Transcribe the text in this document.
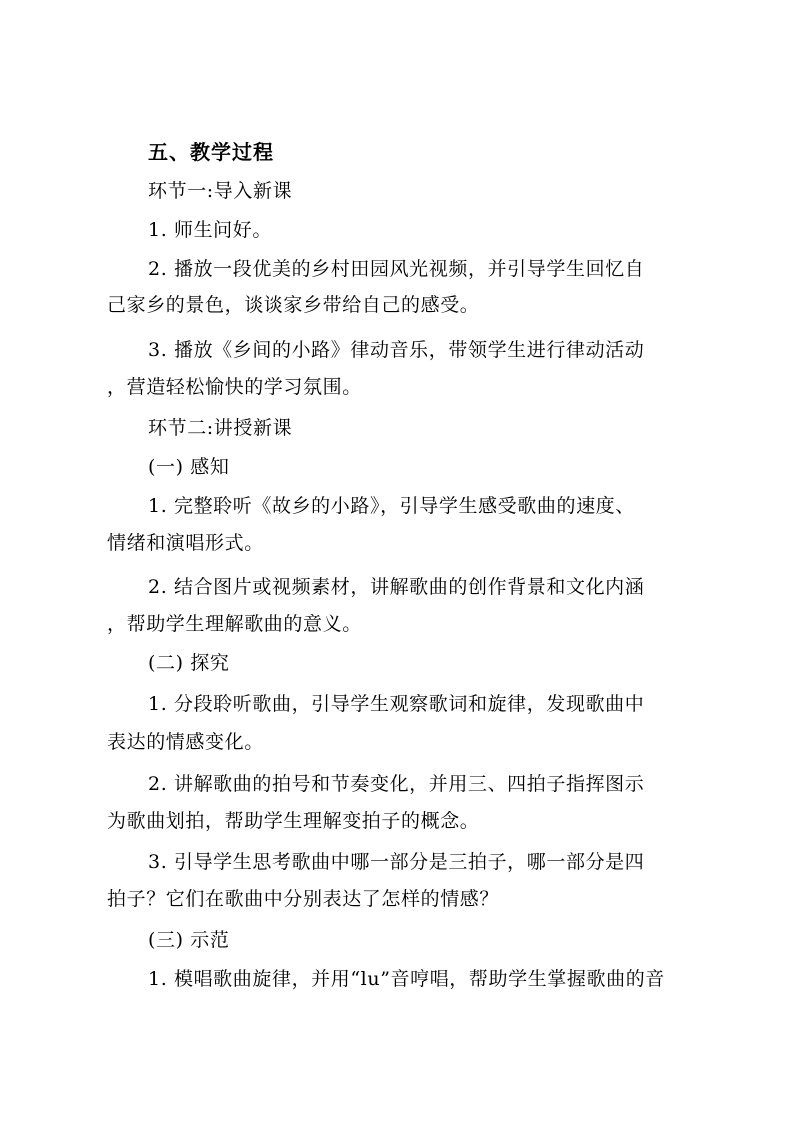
五、教学过程
环节一:导入新课
1. 师生问好。
2. 播放一段优美的乡村田园风光视频，并引导学生回忆自
己家乡的景色，谈谈家乡带给自己的感受。
3. 播放《乡间的小路》律动音乐，带领学生进行律动活动
，营造轻松愉快的学习氛围。
环节二:讲授新课
(一) 感知
1. 完整聆听《故乡的小路》，引导学生感受歌曲的速度、
情绪和演唱形式。
2. 结合图片或视频素材，讲解歌曲的创作背景和文化内涵
，帮助学生理解歌曲的意义。
(二) 探究
1. 分段聆听歌曲，引导学生观察歌词和旋律，发现歌曲中
表达的情感变化。
2. 讲解歌曲的拍号和节奏变化，并用三、四拍子指挥图示
为歌曲划拍，帮助学生理解变拍子的概念。
3. 引导学生思考歌曲中哪一部分是三拍子，哪一部分是四
拍子？它们在歌曲中分别表达了怎样的情感？
(三) 示范
1. 模唱歌曲旋律，并用“lu”音哼唱，帮助学生掌握歌曲的音
